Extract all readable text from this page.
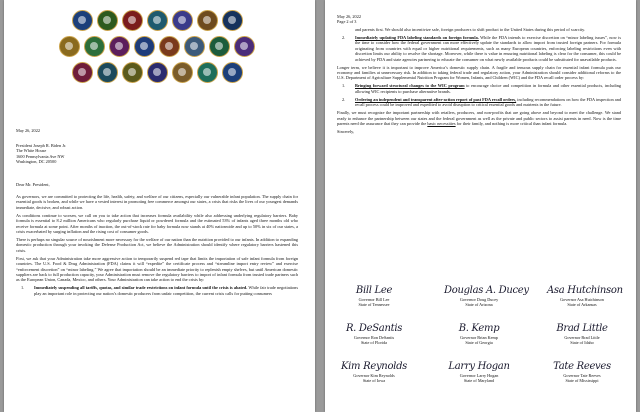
May 26, 2022
President Joseph R. Biden Jr.
The White House
1600 Pennsylvania Ave NW
Washington, DC 20500
Dear Mr. President,

As governors, we are committed to protecting the life, health, safety, and welfare of our citizens, especially our vulnerable infant population. The supply chain for essential goods is broken, and while we have a vested interest in promoting free commerce amongst our states, a crisis that risks the lives of our youngest demands immediate, decisive, and robust action.

As conditions continue to worsen, we call on you to take action that increases formula availability while also addressing underlying regulatory barriers. Baby formula is essential to 8.2 million Americans who regularly purchase liquid or powdered formula and the estimated 53% of infants aged three months old who receive formula at some point. After months of inaction, the out-of-stock rate for baby formula now stands at 40% nationwide and up to 50% in six of our states, a crisis exacerbated by surging inflation and the rising cost of consumer goods.

There is perhaps no singular source of nourishment more necessary for the welfare of our nation than the nutrition provided to our infants. In addition to expanding domestic production through your invoking the Defense Production Act, we believe the Administration should identify where regulatory barriers hastened this crisis.

First, we ask that your Administration take more aggressive action to temporarily suspend red tape that limits the importation of safe infant formula from foreign countries. The U.S. Food & Drug Administration (FDA) claims it will “expedite” the certificate process and “streamline import entry review” and exercise “enforcement discretion” on “minor labeling.” We agree that importation should be an immediate priority to replenish empty shelves, but until American domestic suppliers are back to full production capacity, your Administration must remove the regulatory barriers to import of infant formula from trusted trade partners such as the European Union, Canada, Mexico, and others. Your Administration can take action to end the crisis by:

1. Immediately suspending all tariffs, quotas, and similar trade restrictions on infant formula until the crisis is abated. While fair trade negotiations play an important role in protecting our nation’s domestic producers from unfair competition, the current crisis calls for putting consumers

May 26, 2022
Page 2 of 3

and parents first. We should also incentivize safe, foreign producers to shift product to the United States during this period of scarcity.

2. Immediately updating FDA labeling standards on foreign formula. While the FDA intends to exercise discretion on “minor labeling issues”, now is the time to consider how the federal government can more effectively update the standards to allow import from trusted foreign partners. For formula originating from countries with equal or higher nutritional requirements, such as many European countries, enforcing labeling restrictions even with discretion limits our ability to resolve the shortage. Moreover, while there is value in ensuring nutritional labeling is clear for the consumer, this could be achieved by FDA and state agencies partnering to educate the consumer on what newly available products could be substituted for unavailable products.

Longer term, we believe it is important to improve America’s domestic supply chain. A fragile and tenuous supply chain for essential infant formula puts our economy and families at unnecessary risk. In addition to taking federal trade and regulatory action, your Administration should consider additional reforms to the U.S. Department of Agriculture Supplemental Nutrition Program for Women, Infants, and Children (WIC) and the FDA recall order process by:

1. Bringing forward structural changes to the WIC program to encourage choice and competition in formula and other essential products, including allowing WIC recipients to purchase alternative brands.

2. Ordering an independent and transparent after-action report of past FDA recall orders, including recommendations on how the FDA inspection and recall process could be improved and expedited to avoid disruption to critical essential goods and nutrients in the future.

Finally, we must recognize the important partnership with retailers, producers, and non-profits that are going above and beyond to meet the challenge. We stand ready to enhance the partnership between our states and the federal government as well as the private and public sectors to assist parents in need. Now is the time parents need the assurance that they can provide the basic necessities for their family, and nothing is more critical than infant formula.

Sincerely,

Bill Lee
Governor Bill Lee
State of Tennessee
Douglas A. Ducey
Governor Doug Ducey
State of Arizona
Asa Hutchinson
Governor Asa Hutchinson
State of Arkansas
R. DeSantis
Governor Ron DeSantis
State of Florida
B. Kemp
Governor Brian Kemp
State of Georgia
Brad Little
Governor Brad Little
State of Idaho
Kim Reynolds
Governor Kim Reynolds
State of Iowa
Larry Hogan
Governor Larry Hogan
State of Maryland
Tate Reeves
Governor Tate Reeves
State of Mississippi
